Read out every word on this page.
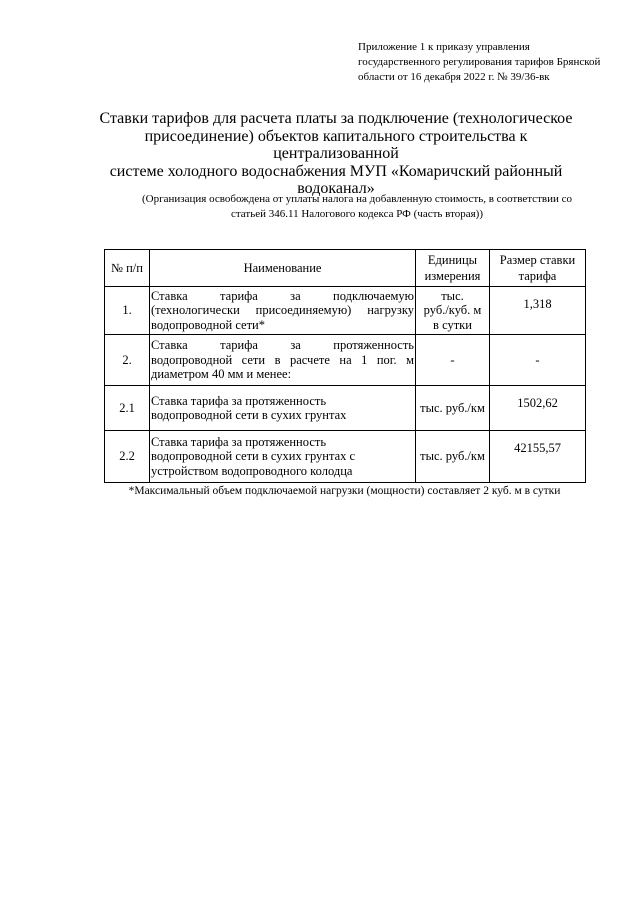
Приложение 1 к приказу управления
государственного регулирования тарифов Брянской
области от 16 декабря 2022 г. № 39/36-вк
Ставки тарифов для расчета платы за подключение (технологическое
присоединение) объектов капитального строительства к централизованной
системе холодного водоснабжения МУП «Комаричский районный
водоканал»
(Организация освобождена от уплаты налога на добавленную стоимость, в соответствии со
статьей 346.11 Налогового кодекса РФ (часть вторая))
№ п/п	Наименование	Единицы
измерения	Размер ставки
тарифа

1.	Ставка тарифа за подключаемую
(технологически присоединяемую) нагрузку
водопроводной сети*	тыс.
руб./куб. м
в сутки	1,318
2.	Ставка тарифа за протяженность
водопроводной сети в расчете на 1 пог. м
диаметром 40 мм и менее:	-	-
2.1	Ставка тарифа за протяженность
водопроводной сети в сухих грунтах	тыс. руб./км	1502,62
2.2	Ставка тарифа за протяженность
водопроводной сети в сухих грунтах с
устройством водопроводного колодца	тыс. руб./км	42155,57
*Максимальный объем подключаемой нагрузки (мощности) составляет 2 куб. м в сутки
